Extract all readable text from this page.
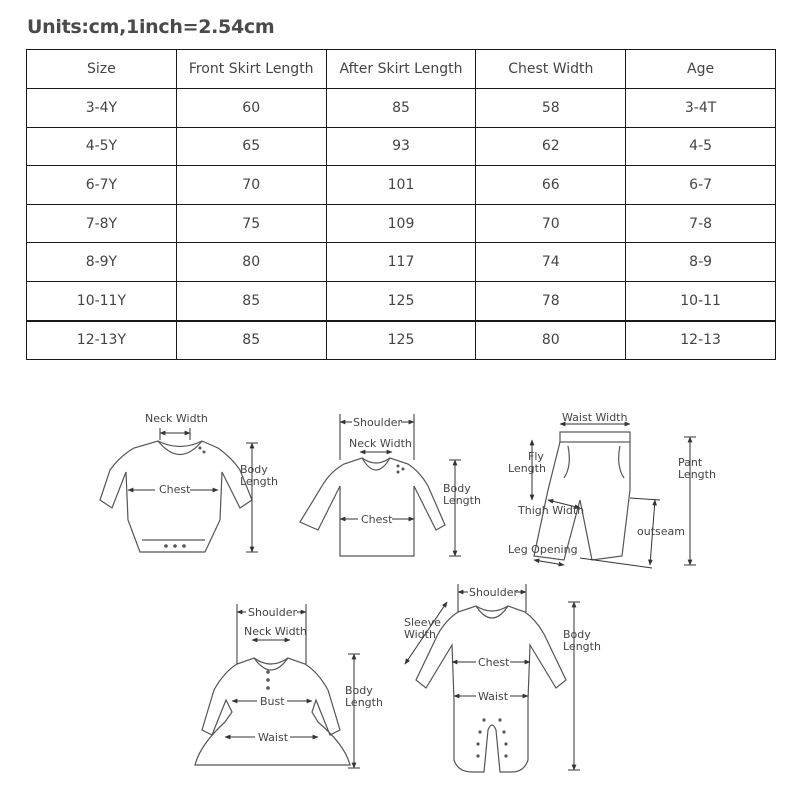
Units:cm,1inch=2.54cm
Size	Front Skirt Length	After Skirt Length	Chest Width	Age
3-4Y	60	85	58	3-4T
4-5Y	65	93	62	4-5
6-7Y	70	101	66	6-7
7-8Y	75	109	70	7-8
8-9Y	80	117	74	8-9
10-11Y	85	125	78	10-11
12-13Y	85	125	80	12-13
Neck Width
Chest
Body
Length
Shoulder
Neck Width
Chest
Body
Length
Waist Width
Fly
Length	Pant
Length
Thigh Width
outseam
Leg Opening
Shoulder
Neck Width
Bust
Waist
Body
Length
Shoulder
Sleeve
Width
Chest
Waist
Body
Length
